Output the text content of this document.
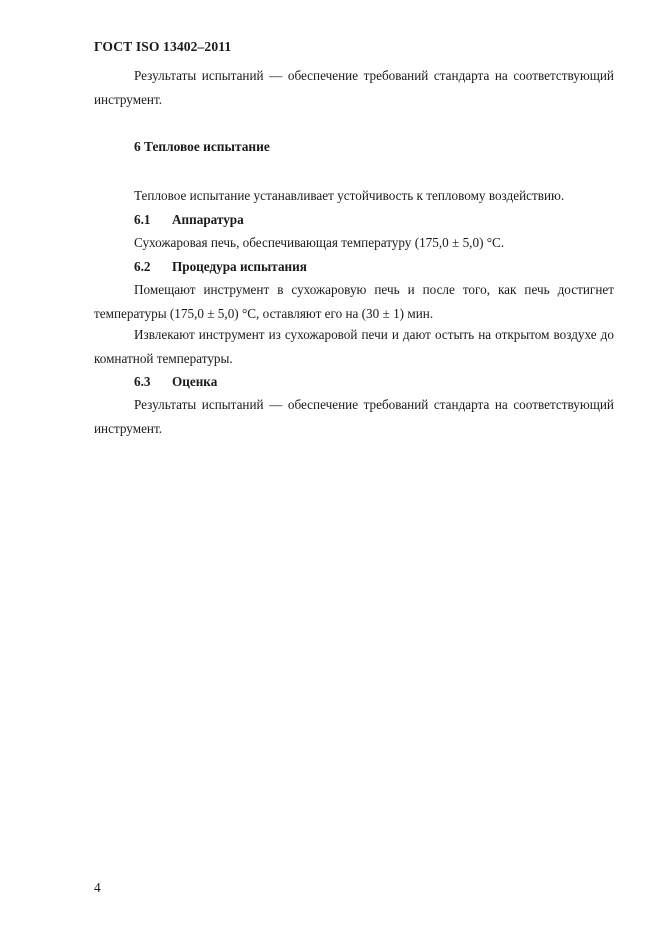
ГОСТ ISO 13402–2011
Результаты испытаний — обеспечение требований стандарта на соответствующий инструмент.
6 Тепловое испытание
Тепловое испытание устанавливает устойчивость к тепловому воздействию.
6.1 Аппаратура
Сухожаровая печь, обеспечивающая температуру (175,0 ± 5,0) °С.
6.2 Процедура испытания
Помещают инструмент в сухожаровую печь и после того, как печь достигнет температуры (175,0 ± 5,0) °С, оставляют его на (30 ± 1) мин.
Извлекают инструмент из сухожаровой печи и дают остыть на открытом воздухе до комнатной температуры.
6.3 Оценка
Результаты испытаний — обеспечение требований стандарта на соответствующий инструмент.
4
